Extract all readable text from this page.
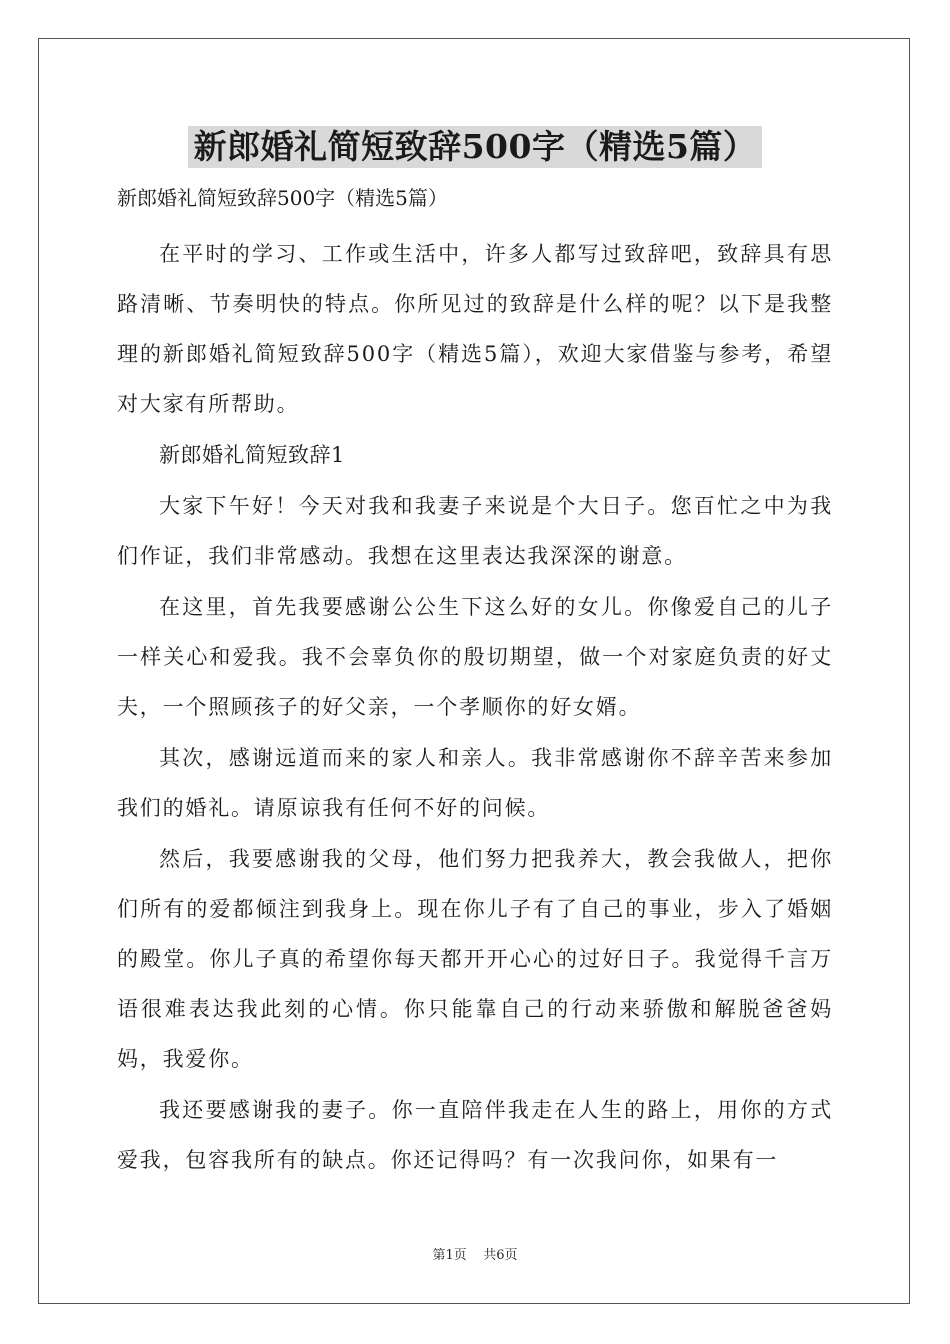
新郎婚礼简短致辞500字（精选5篇）
新郎婚礼简短致辞500字（精选5篇）

在平时的学习、工作或生活中，许多人都写过致辞吧，致辞具有思路清晰、节奏明快的特点。你所见过的致辞是什么样的呢？以下是我整理的新郎婚礼简短致辞500字（精选5篇），欢迎大家借鉴与参考，希望对大家有所帮助。

新郎婚礼简短致辞1

大家下午好！今天对我和我妻子来说是个大日子。您百忙之中为我们作证，我们非常感动。我想在这里表达我深深的谢意。

在这里，首先我要感谢公公生下这么好的女儿。你像爱自己的儿子一样关心和爱我。我不会辜负你的殷切期望，做一个对家庭负责的好丈夫，一个照顾孩子的好父亲，一个孝顺你的好女婿。

其次，感谢远道而来的家人和亲人。我非常感谢你不辞辛苦来参加我们的婚礼。请原谅我有任何不好的问候。

然后，我要感谢我的父母，他们努力把我养大，教会我做人，把你们所有的爱都倾注到我身上。现在你儿子有了自己的事业，步入了婚姻的殿堂。你儿子真的希望你每天都开开心心的过好日子。我觉得千言万语很难表达我此刻的心情。你只能靠自己的行动来骄傲和解脱爸爸妈妈，我爱你。

我还要感谢我的妻子。你一直陪伴我走在人生的路上，用你的方式爱我，包容我所有的缺点。你还记得吗？有一次我问你，如果有一

第1页 共6页
